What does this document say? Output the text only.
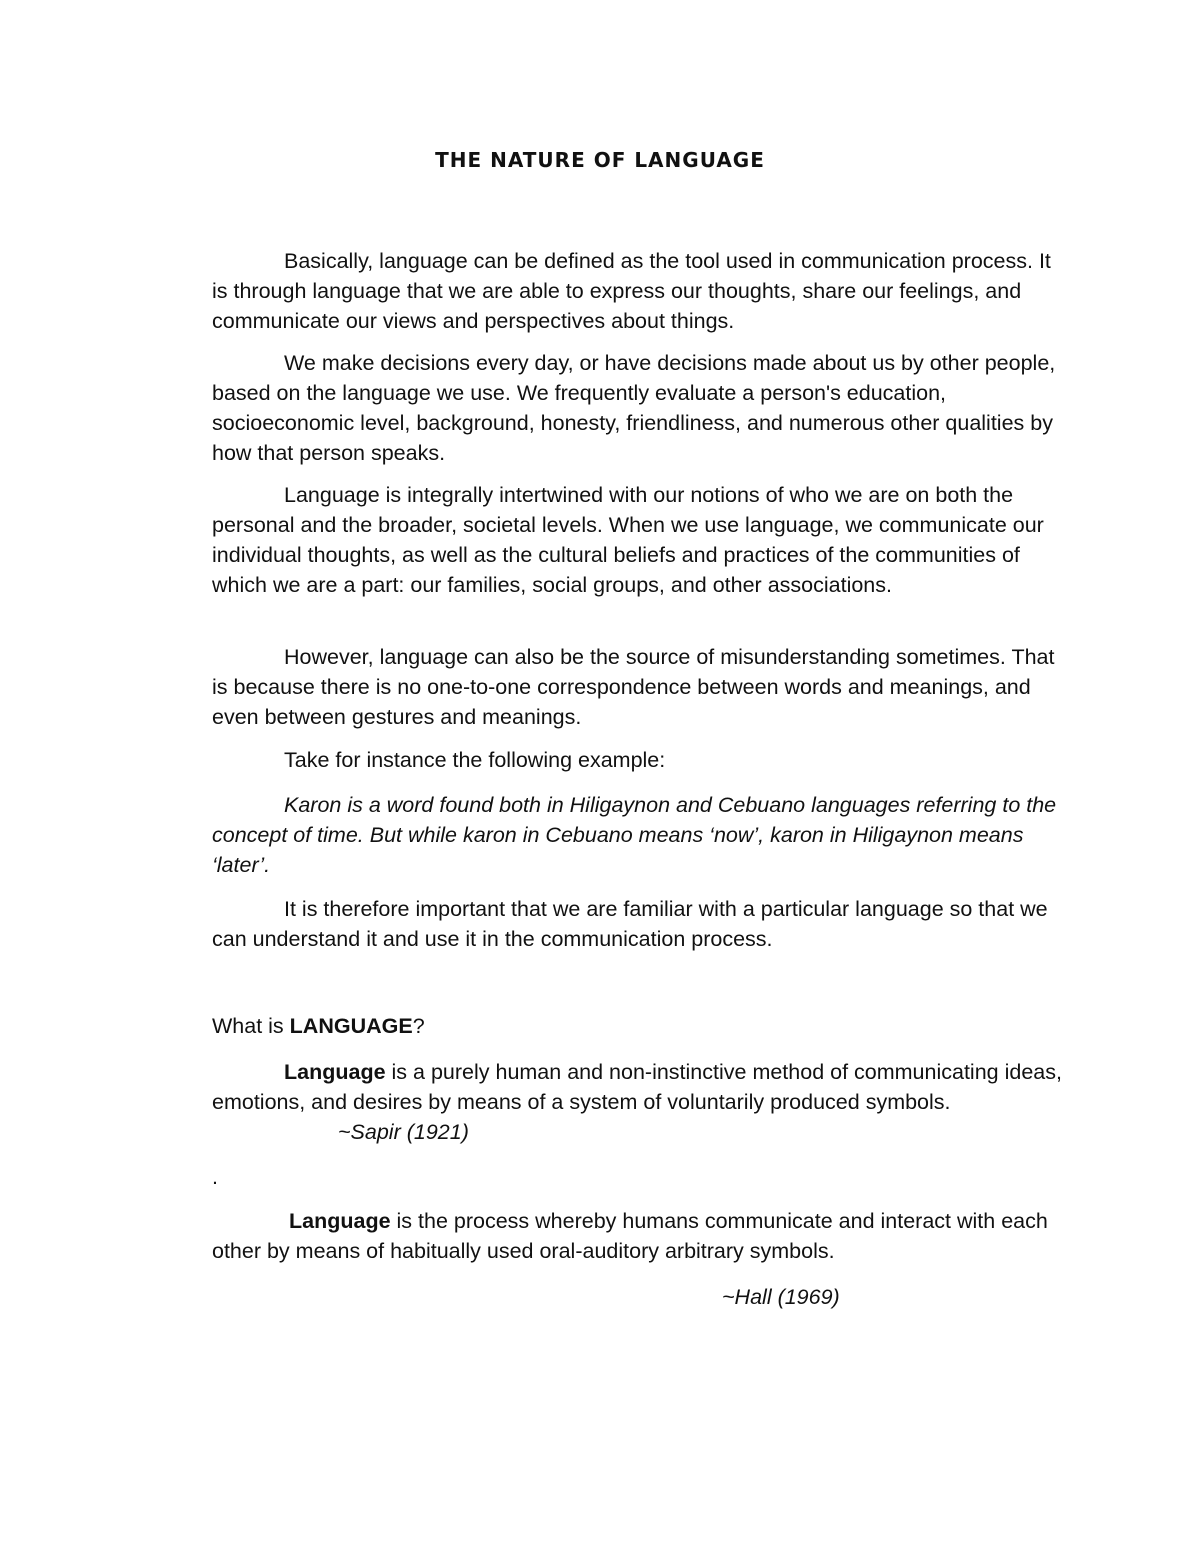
THE NATURE OF LANGUAGE

Basically, language can be defined as the tool used in communication process. It is through language that we are able to express our thoughts, share our feelings, and communicate our views and perspectives about things.

We make decisions every day, or have decisions made about us by other people, based on the language we use. We frequently evaluate a person's education, socioeconomic level, background, honesty, friendliness, and numerous other qualities by how that person speaks.

Language is integrally intertwined with our notions of who we are on both the personal and the broader, societal levels. When we use language, we communicate our individual thoughts, as well as the cultural beliefs and practices of the communities of which we are a part: our families, social groups, and other associations.

However, language can also be the source of misunderstanding sometimes. That is because there is no one-to-one correspondence between words and meanings, and even between gestures and meanings.

Take for instance the following example:

Karon is a word found both in Hiligaynon and Cebuano languages referring to the concept of time. But while karon in Cebuano means ‘now’, karon in Hiligaynon means ‘later’.

It is therefore important that we are familiar with a particular language so that we can understand it and use it in the communication process.

What is LANGUAGE?

Language is a purely human and non-instinctive method of communicating ideas, emotions, and desires by means of a system of voluntarily produced symbols.~Sapir (1921)

.

Language is the process whereby humans communicate and interact with each other by means of habitually used oral-auditory arbitrary symbols.

~Hall (1969)
